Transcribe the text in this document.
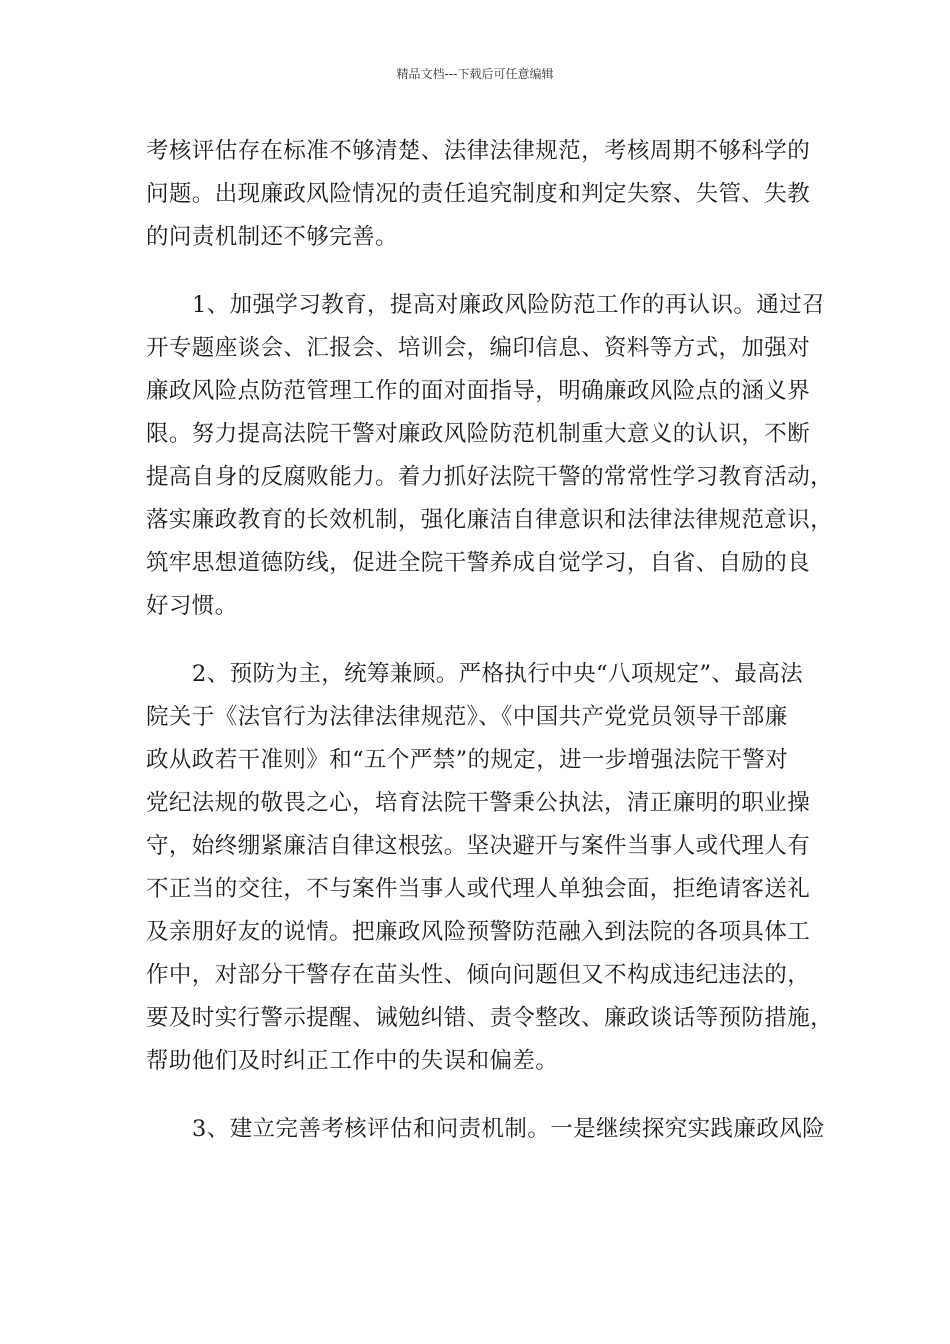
精品文档---下载后可任意编辑
考核评估存在标准不够清楚、法律法律规范，考核周期不够科学的
问题。出现廉政风险情况的责任追究制度和判定失察、失管、失教
的问责机制还不够完善。
1、加强学习教育，提高对廉政风险防范工作的再认识。通过召
开专题座谈会、汇报会、培训会，编印信息、资料等方式，加强对
廉政风险点防范管理工作的面对面指导，明确廉政风险点的涵义界
限。努力提高法院干警对廉政风险防范机制重大意义的认识，不断
提高自身的反腐败能力。着力抓好法院干警的常常性学习教育活动，
落实廉政教育的长效机制，强化廉洁自律意识和法律法律规范意识，
筑牢思想道德防线，促进全院干警养成自觉学习，自省、自励的良
好习惯。
2、预防为主，统筹兼顾。严格执行中央“八项规定”、最高法
院关于《法官行为法律法律规范》、《中国共产党党员领导干部廉
政从政若干准则》和“五个严禁”的规定，进一步增强法院干警对
党纪法规的敬畏之心，培育法院干警秉公执法，清正廉明的职业操
守，始终绷紧廉洁自律这根弦。坚决避开与案件当事人或代理人有
不正当的交往，不与案件当事人或代理人单独会面，拒绝请客送礼
及亲朋好友的说情。把廉政风险预警防范融入到法院的各项具体工
作中，对部分干警存在苗头性、倾向问题但又不构成违纪违法的，
要及时实行警示提醒、诫勉纠错、责令整改、廉政谈话等预防措施，
帮助他们及时纠正工作中的失误和偏差。
3、建立完善考核评估和问责机制。一是继续探究实践廉政风险
